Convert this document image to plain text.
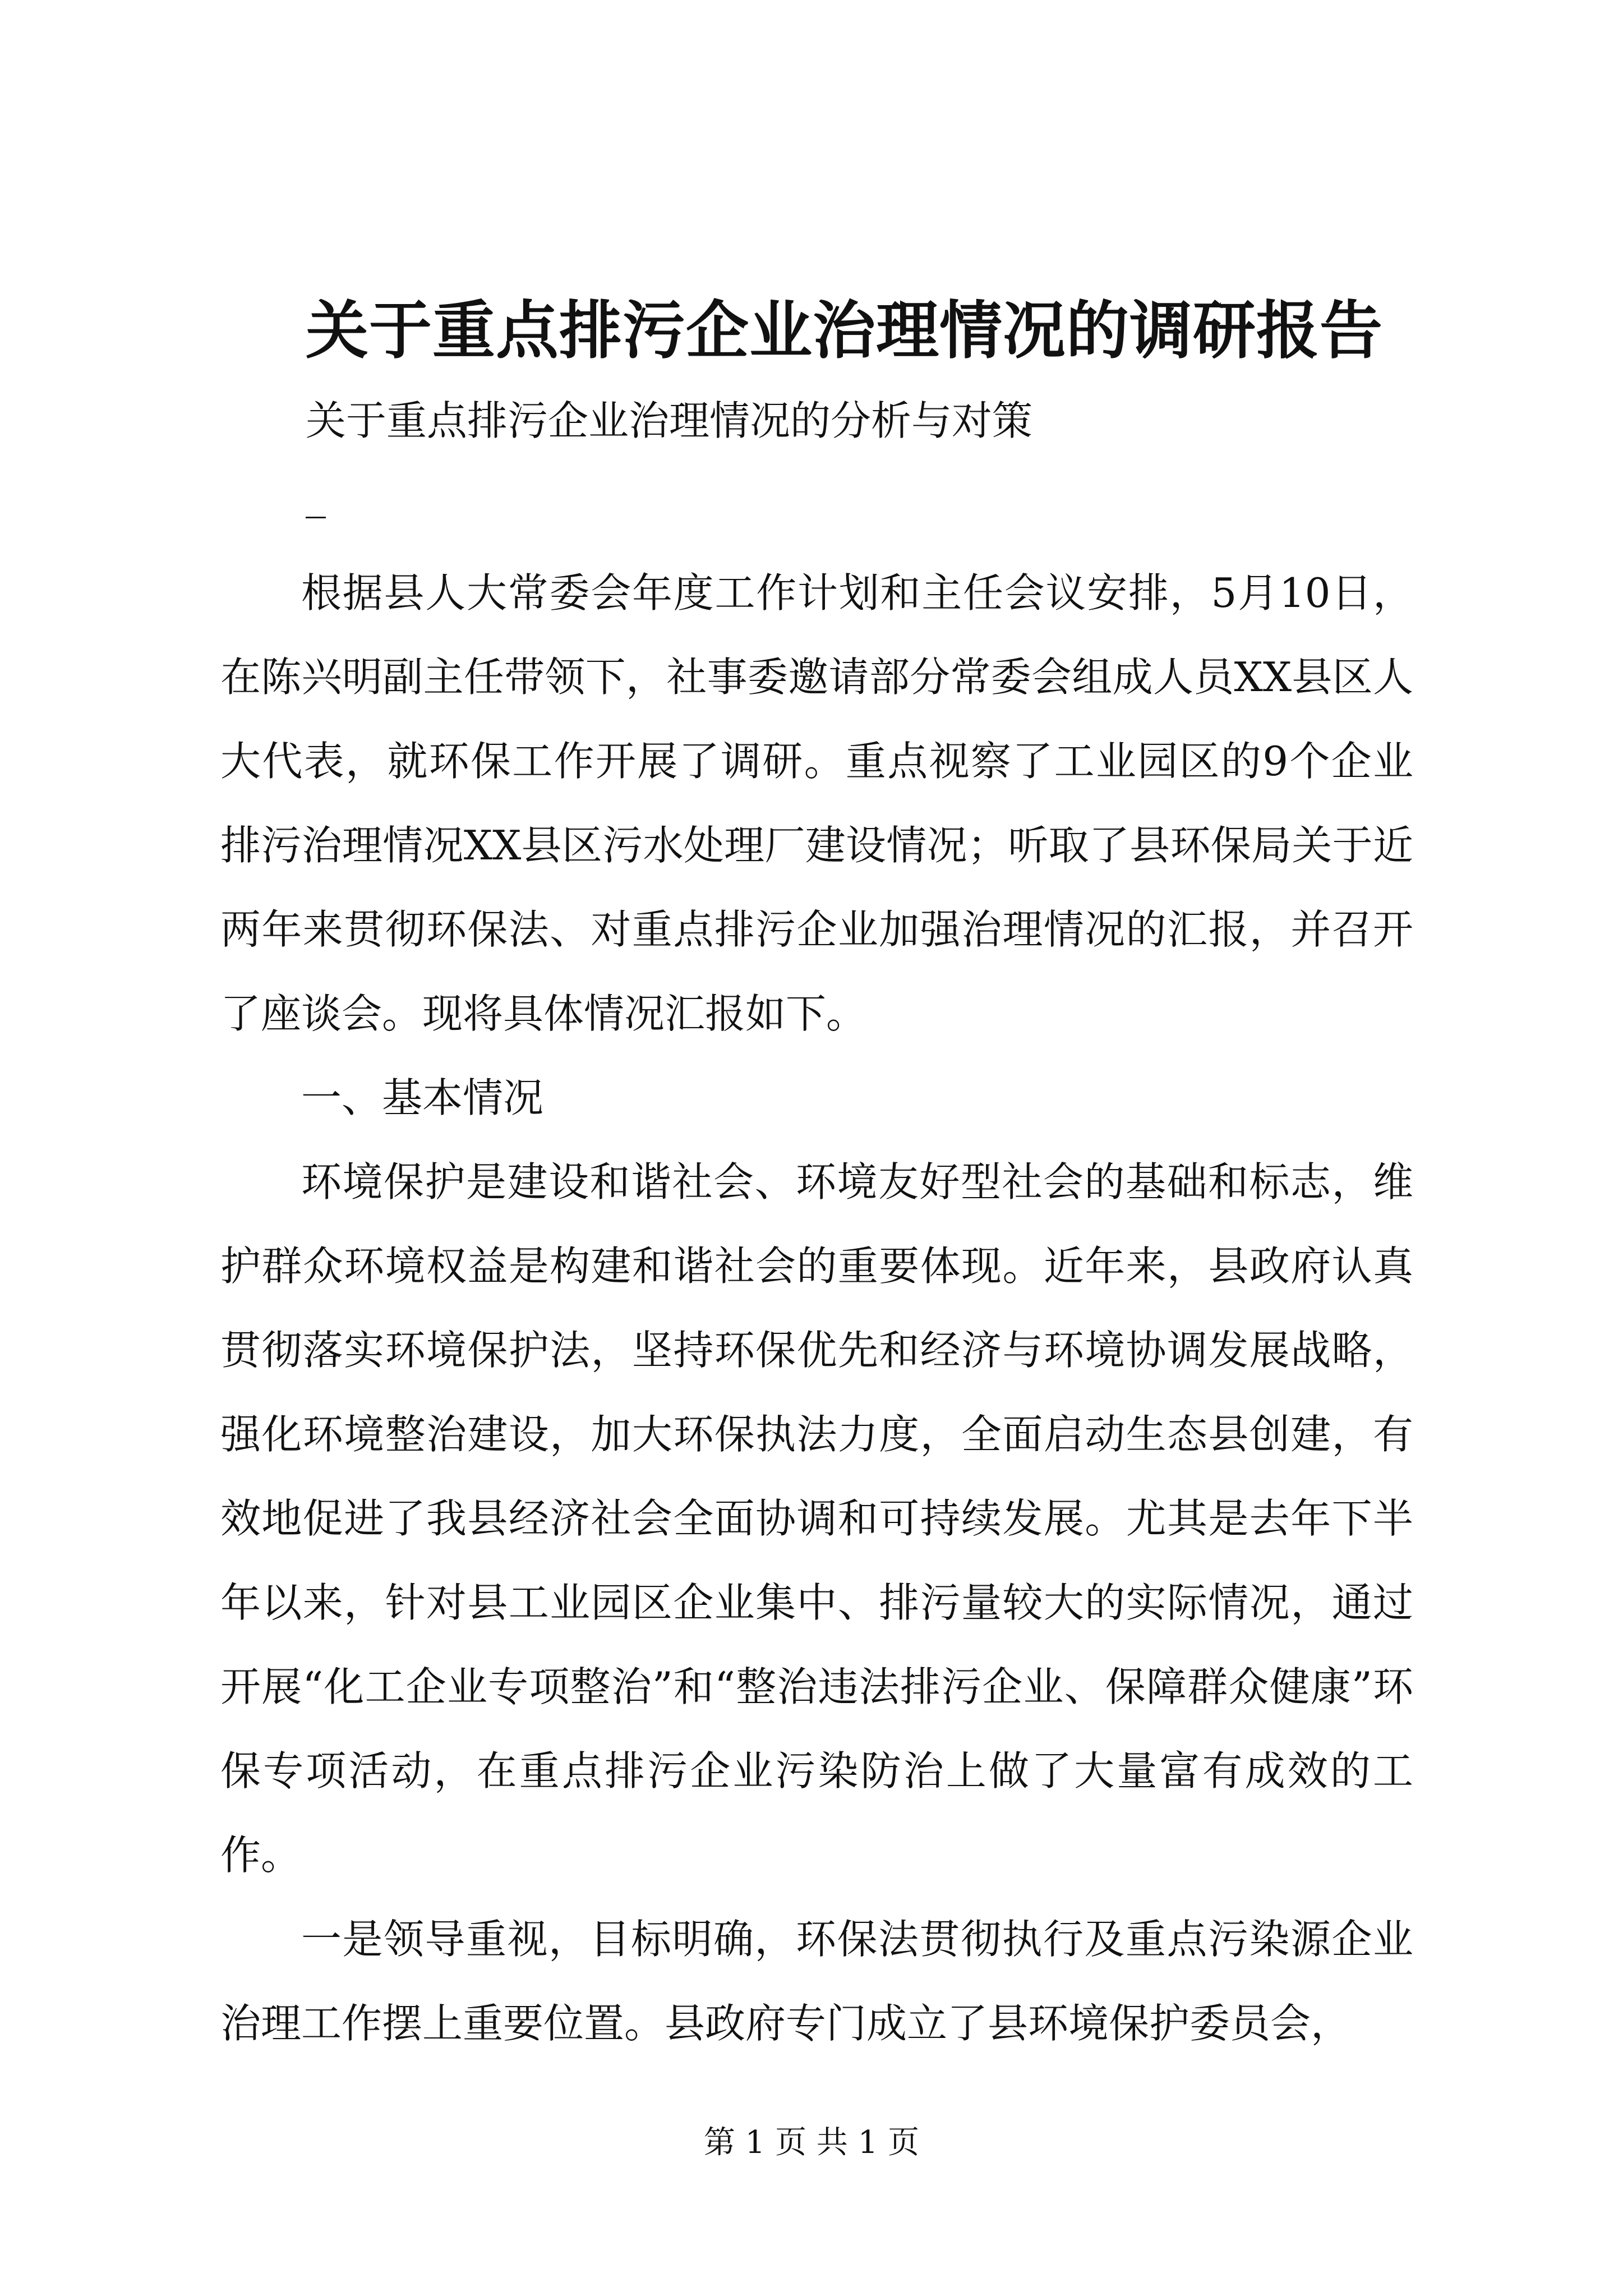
关于重点排污企业治理情况的调研报告
关于重点排污企业治理情况的分析与对策
_

根据县人大常委会年度工作计划和主任会议安排，5月10日，在陈兴明副主任带领下，社事委邀请部分常委会组成人员XX县区人大代表，就环保工作开展了调研。重点视察了工业园区的9个企业排污治理情况XX县区污水处理厂建设情况；听取了县环保局关于近两年来贯彻环保法、对重点排污企业加强治理情况的汇报，并召开了座谈会。现将具体情况汇报如下。

一、基本情况

环境保护是建设和谐社会、环境友好型社会的基础和标志，维护群众环境权益是构建和谐社会的重要体现。近年来，县政府认真贯彻落实环境保护法，坚持环保优先和经济与环境协调发展战略，强化环境整治建设，加大环保执法力度，全面启动生态县创建，有效地促进了我县经济社会全面协调和可持续发展。尤其是去年下半年以来，针对县工业园区企业集中、排污量较大的实际情况，通过开展“化工企业专项整治”和“整治违法排污企业、保障群众健康”环保专项活动，在重点排污企业污染防治上做了大量富有成效的工作。

一是领导重视，目标明确，环保法贯彻执行及重点污染源企业治理工作摆上重要位置。县政府专门成立了县环境保护委员会，

第 1 页 共 1 页
